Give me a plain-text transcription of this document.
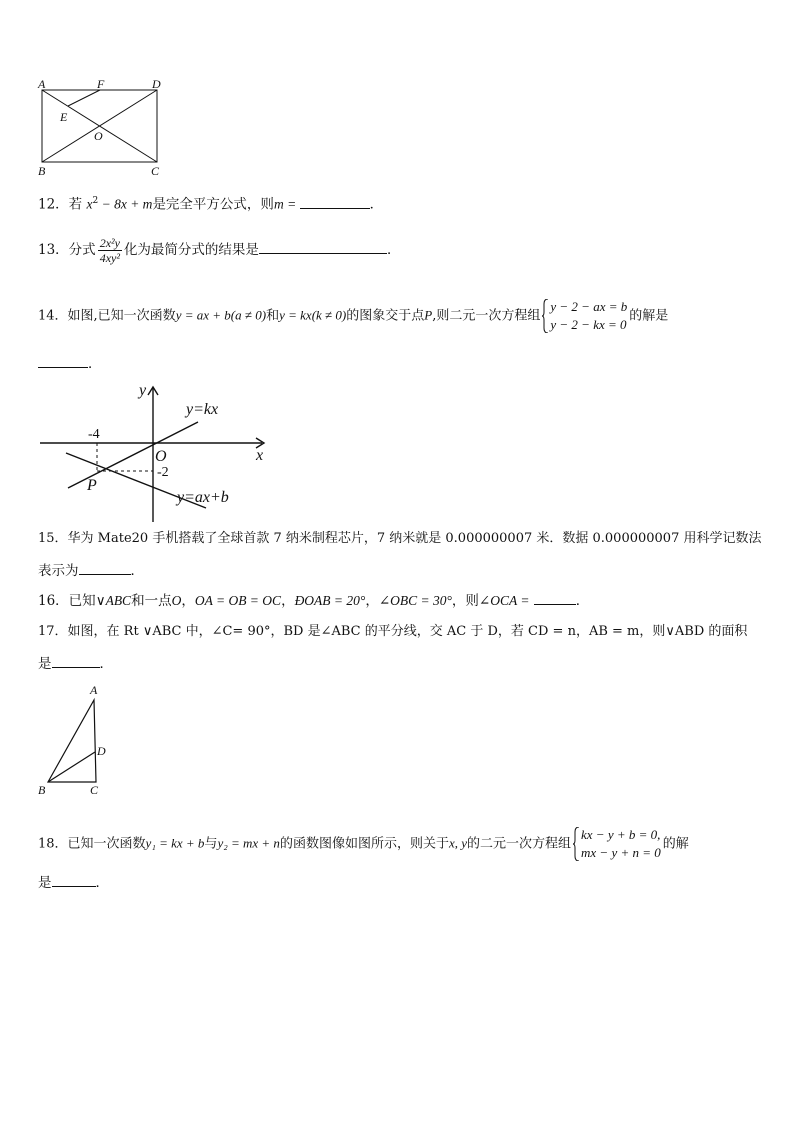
A	F	D
E
O
B	C
12．若 $x^2 - 8x + m$是完全平方公式，则m =	．
13．分式 $\frac{\text{2x²y}}{\text{4xy²}}$ 化为最简分式的结果是	．
14．如图,已知一次函数y = ax + b(a ≠ 0)和y = kx(k ≠ 0)的图象交于点P,则二元一次方程组
y − 2 − ax = b
y − 2 − kx = 0
的解是
．
y
x
O
P
y=kx
y=ax+b
-4
-2
15．华为 Mate20 手机搭载了全球首款 7 纳米制程芯片，7 纳米就是 0.000000007 米．数据 0.000000007 用科学记数法
表示为	．
16．已知∨ABC和一点O，OA = OB = OC，ÐOAB = 20°，∠OBC = 30°，则∠OCA =	．
17．如图，在 Rt ∨ABC 中，∠C= 90°，BD 是∠ABC 的平分线，交 AC 于 D，若 CD = n，AB = m，则∨ABD 的面积
是	．
A
D
B	C
18．已知一次函数y₁ = kx + b与y₂ = mx + n的函数图像如图所示，则关于x, y的二元一次方程组
kx − y + b = 0,
mx − y + n = 0
的解
是	．
